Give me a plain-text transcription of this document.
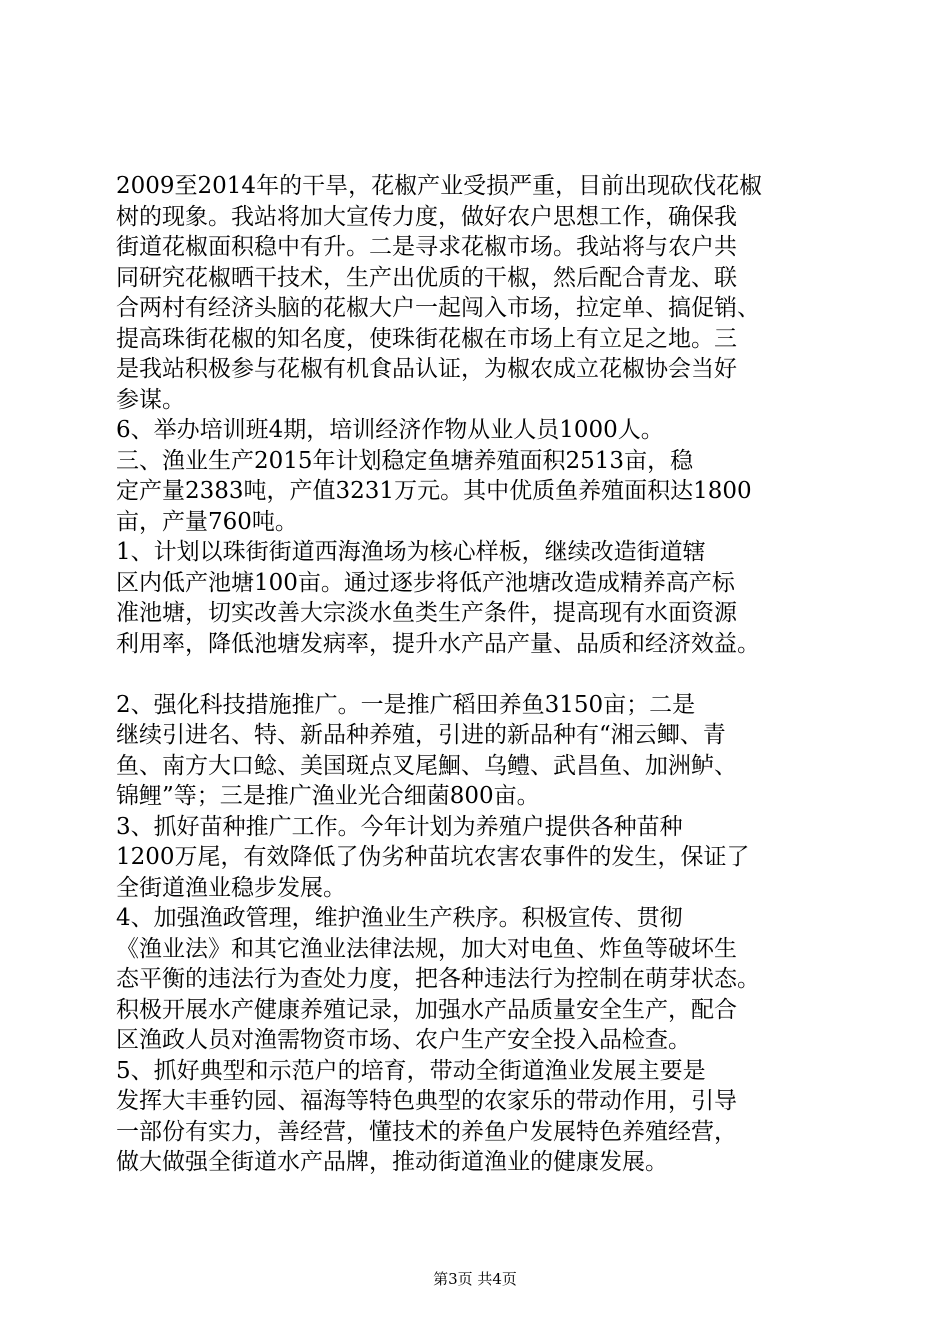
2009至2014年的干旱，花椒产业受损严重，目前出现砍伐花椒
树的现象。我站将加大宣传力度，做好农户思想工作，确保我
街道花椒面积稳中有升。二是寻求花椒市场。我站将与农户共
同研究花椒晒干技术，生产出优质的干椒，然后配合青龙、联
合两村有经济头脑的花椒大户一起闯入市场，拉定单、搞促销、
提高珠街花椒的知名度，使珠街花椒在市场上有立足之地。三
是我站积极参与花椒有机食品认证，为椒农成立花椒协会当好
参谋。
6、举办培训班4期，培训经济作物从业人员1000人。
三、渔业生产2015年计划稳定鱼塘养殖面积2513亩，稳
定产量2383吨，产值3231万元。其中优质鱼养殖面积达1800
亩，产量760吨。
1、计划以珠街街道西海渔场为核心样板，继续改造街道辖
区内低产池塘100亩。通过逐步将低产池塘改造成精养高产标
准池塘，切实改善大宗淡水鱼类生产条件，提高现有水面资源
利用率，降低池塘发病率，提升水产品产量、品质和经济效益。
2、强化科技措施推广。一是推广稻田养鱼3150亩；二是
继续引进名、特、新品种养殖，引进的新品种有“湘云鲫、青
鱼、南方大口鲶、美国斑点叉尾鮰、乌鳢、武昌鱼、加洲鲈、
锦鲤”等；三是推广渔业光合细菌800亩。
3、抓好苗种推广工作。今年计划为养殖户提供各种苗种
1200万尾，有效降低了伪劣种苗坑农害农事件的发生，保证了
全街道渔业稳步发展。
4、加强渔政管理，维护渔业生产秩序。积极宣传、贯彻
《渔业法》和其它渔业法律法规，加大对电鱼、炸鱼等破坏生
态平衡的违法行为查处力度，把各种违法行为控制在萌芽状态。
积极开展水产健康养殖记录，加强水产品质量安全生产，配合
区渔政人员对渔需物资市场、农户生产安全投入品检查。
5、抓好典型和示范户的培育，带动全街道渔业发展主要是
发挥大丰垂钓园、福海等特色典型的农家乐的带动作用，引导
一部份有实力，善经营，懂技术的养鱼户发展特色养殖经营，
做大做强全街道水产品牌，推动街道渔业的健康发展。
第3页 共4页
